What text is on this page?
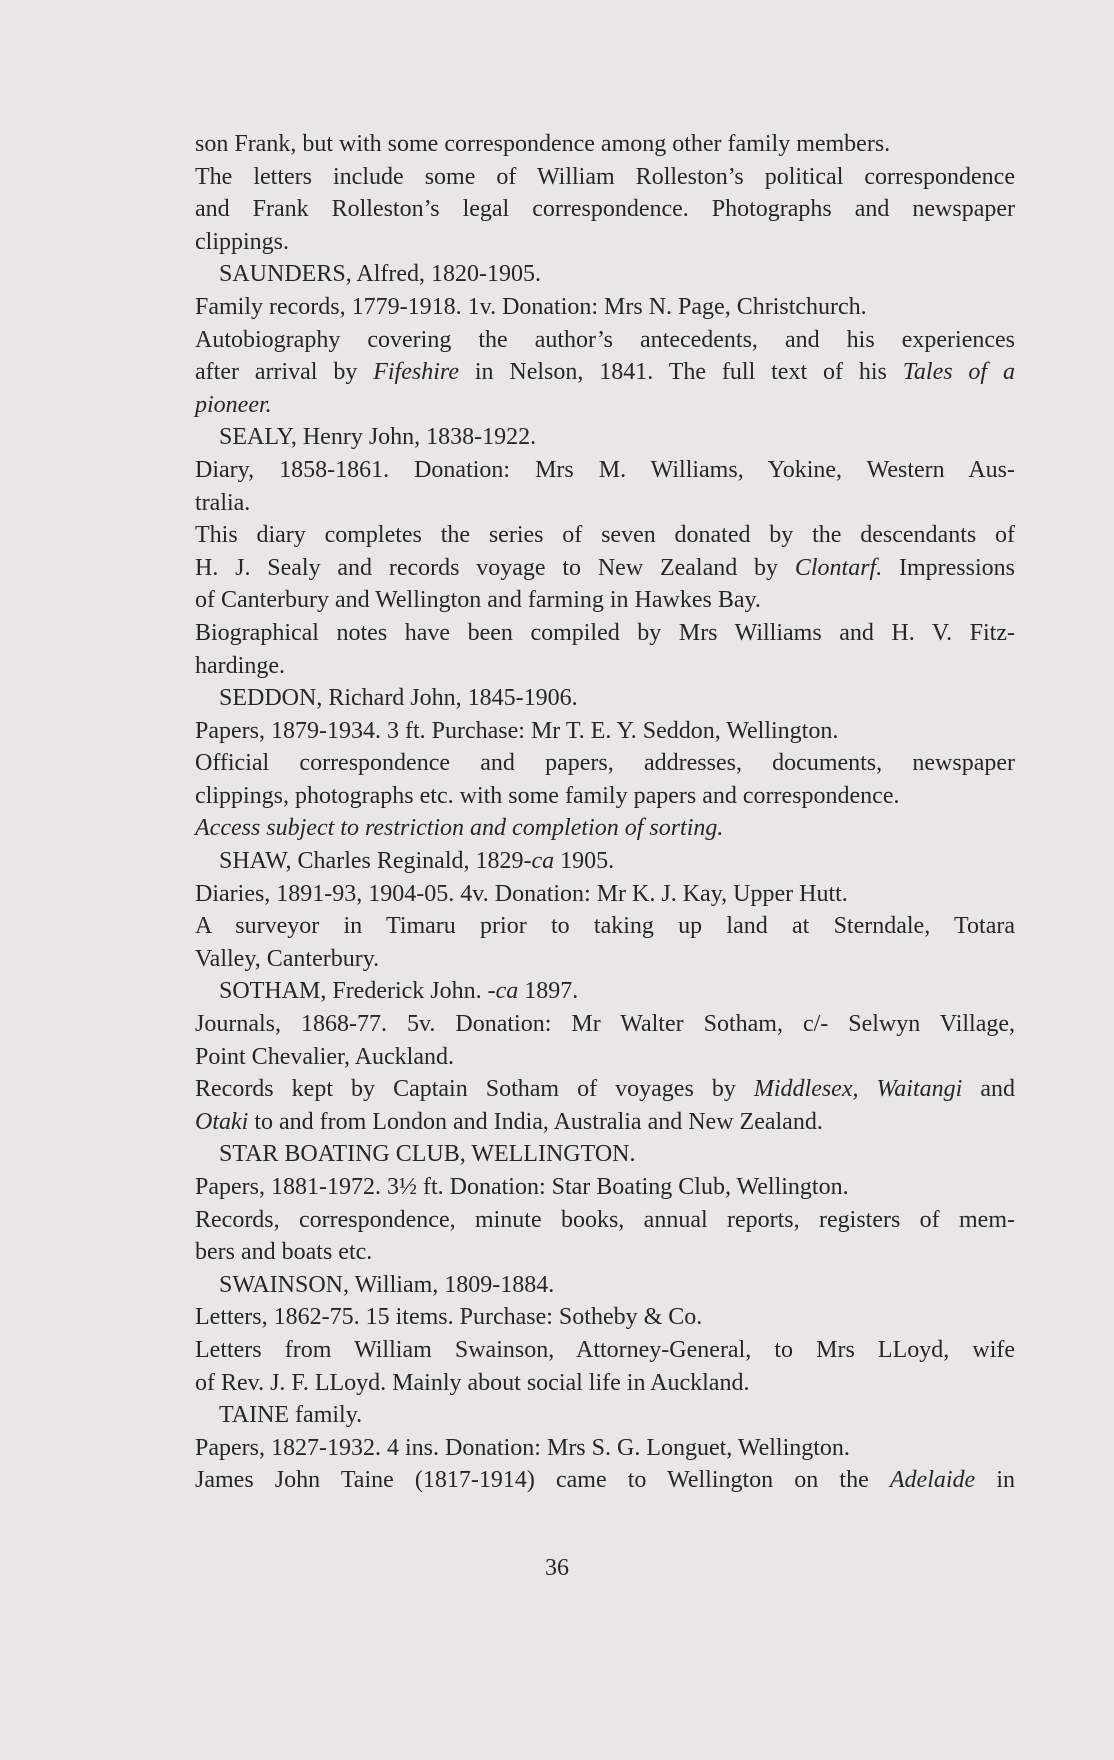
son Frank, but with some correspondence among other family members.

The letters include some of William Rolleston’s political correspondence

and Frank Rolleston’s legal correspondence. Photographs and newspaper

clippings.

SAUNDERS, Alfred, 1820-1905.

Family records, 1779-1918. 1v. Donation: Mrs N. Page, Christchurch.

Autobiography covering the author’s antecedents, and his experiences

after arrival by Fifeshire in Nelson, 1841. The full text of his Tales of a

pioneer.

SEALY, Henry John, 1838-1922.

Diary, 1858-1861. Donation: Mrs M. Williams, Yokine, Western Aus-

tralia.

This diary completes the series of seven donated by the descendants of

H. J. Sealy and records voyage to New Zealand by Clontarf. Impressions

of Canterbury and Wellington and farming in Hawkes Bay.

Biographical notes have been compiled by Mrs Williams and H. V. Fitz-

hardinge.

SEDDON, Richard John, 1845-1906.

Papers, 1879-1934. 3 ft. Purchase: Mr T. E. Y. Seddon, Wellington.

Official correspondence and papers, addresses, documents, newspaper

clippings, photographs etc. with some family papers and correspondence.

Access subject to restriction and completion of sorting.

SHAW, Charles Reginald, 1829-ca 1905.

Diaries, 1891-93, 1904-05. 4v. Donation: Mr K. J. Kay, Upper Hutt.

A surveyor in Timaru prior to taking up land at Sterndale, Totara

Valley, Canterbury.

SOTHAM, Frederick John. -ca 1897.

Journals, 1868-77. 5v. Donation: Mr Walter Sotham, c/- Selwyn Village,

Point Chevalier, Auckland.

Records kept by Captain Sotham of voyages by Middlesex, Waitangi and

Otaki to and from London and India, Australia and New Zealand.

STAR BOATING CLUB, WELLINGTON.

Papers, 1881-1972. 3½ ft. Donation: Star Boating Club, Wellington.

Records, correspondence, minute books, annual reports, registers of mem-

bers and boats etc.

SWAINSON, William, 1809-1884.

Letters, 1862-75. 15 items. Purchase: Sotheby & Co.

Letters from William Swainson, Attorney-General, to Mrs LLoyd, wife

of Rev. J. F. LLoyd. Mainly about social life in Auckland.

TAINE family.

Papers, 1827-1932. 4 ins. Donation: Mrs S. G. Longuet, Wellington.

James John Taine (1817-1914) came to Wellington on the Adelaide in

36
